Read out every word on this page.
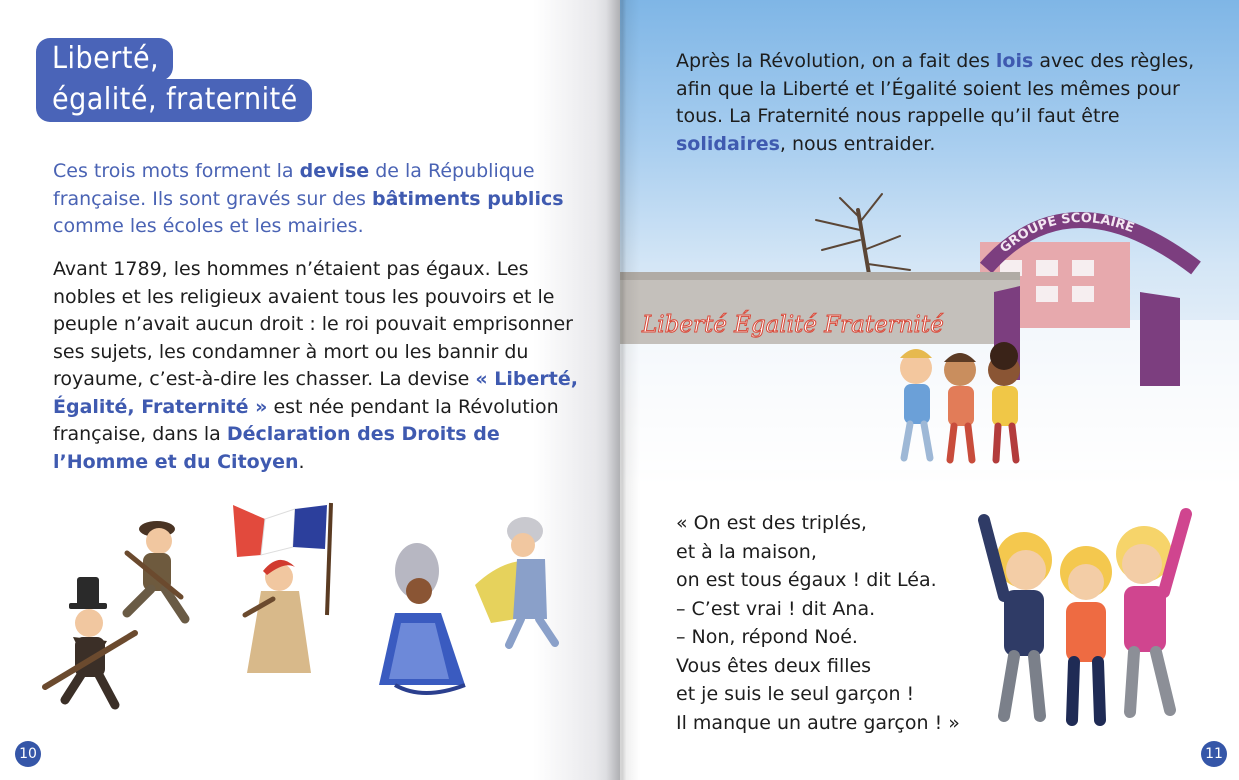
Liberté,
égalité, fraternité
Ces trois mots forment la devise de la République française. Ils sont gravés sur des bâtiments publics comme les écoles et les mairies.
Avant 1789, les hommes n’étaient pas égaux. Les nobles et les religieux avaient tous les pouvoirs et le peuple n’avait aucun droit : le roi pouvait emprisonner ses sujets, les condamner à mort ou les bannir du royaume, c’est-à-dire les chasser. La devise « Liberté, Égalité, Fraternité » est née pendant la Révolution française, dans la Déclaration des Droits de l’Homme et du Citoyen.
10
GROUPE SCOLAIRE
Liberté Égalité Fraternité
11
Après la Révolution, on a fait des lois avec des règles, afin que la Liberté et l’Égalité soient les mêmes pour tous. La Fraternité nous rappelle qu’il faut être solidaires, nous entraider.
« On est des triplés,
et à la maison,
on est tous égaux ! dit Léa.
– C’est vrai ! dit Ana.
– Non, répond Noé.
Vous êtes deux filles
et je suis le seul garçon !
Il manque un autre garçon ! »
